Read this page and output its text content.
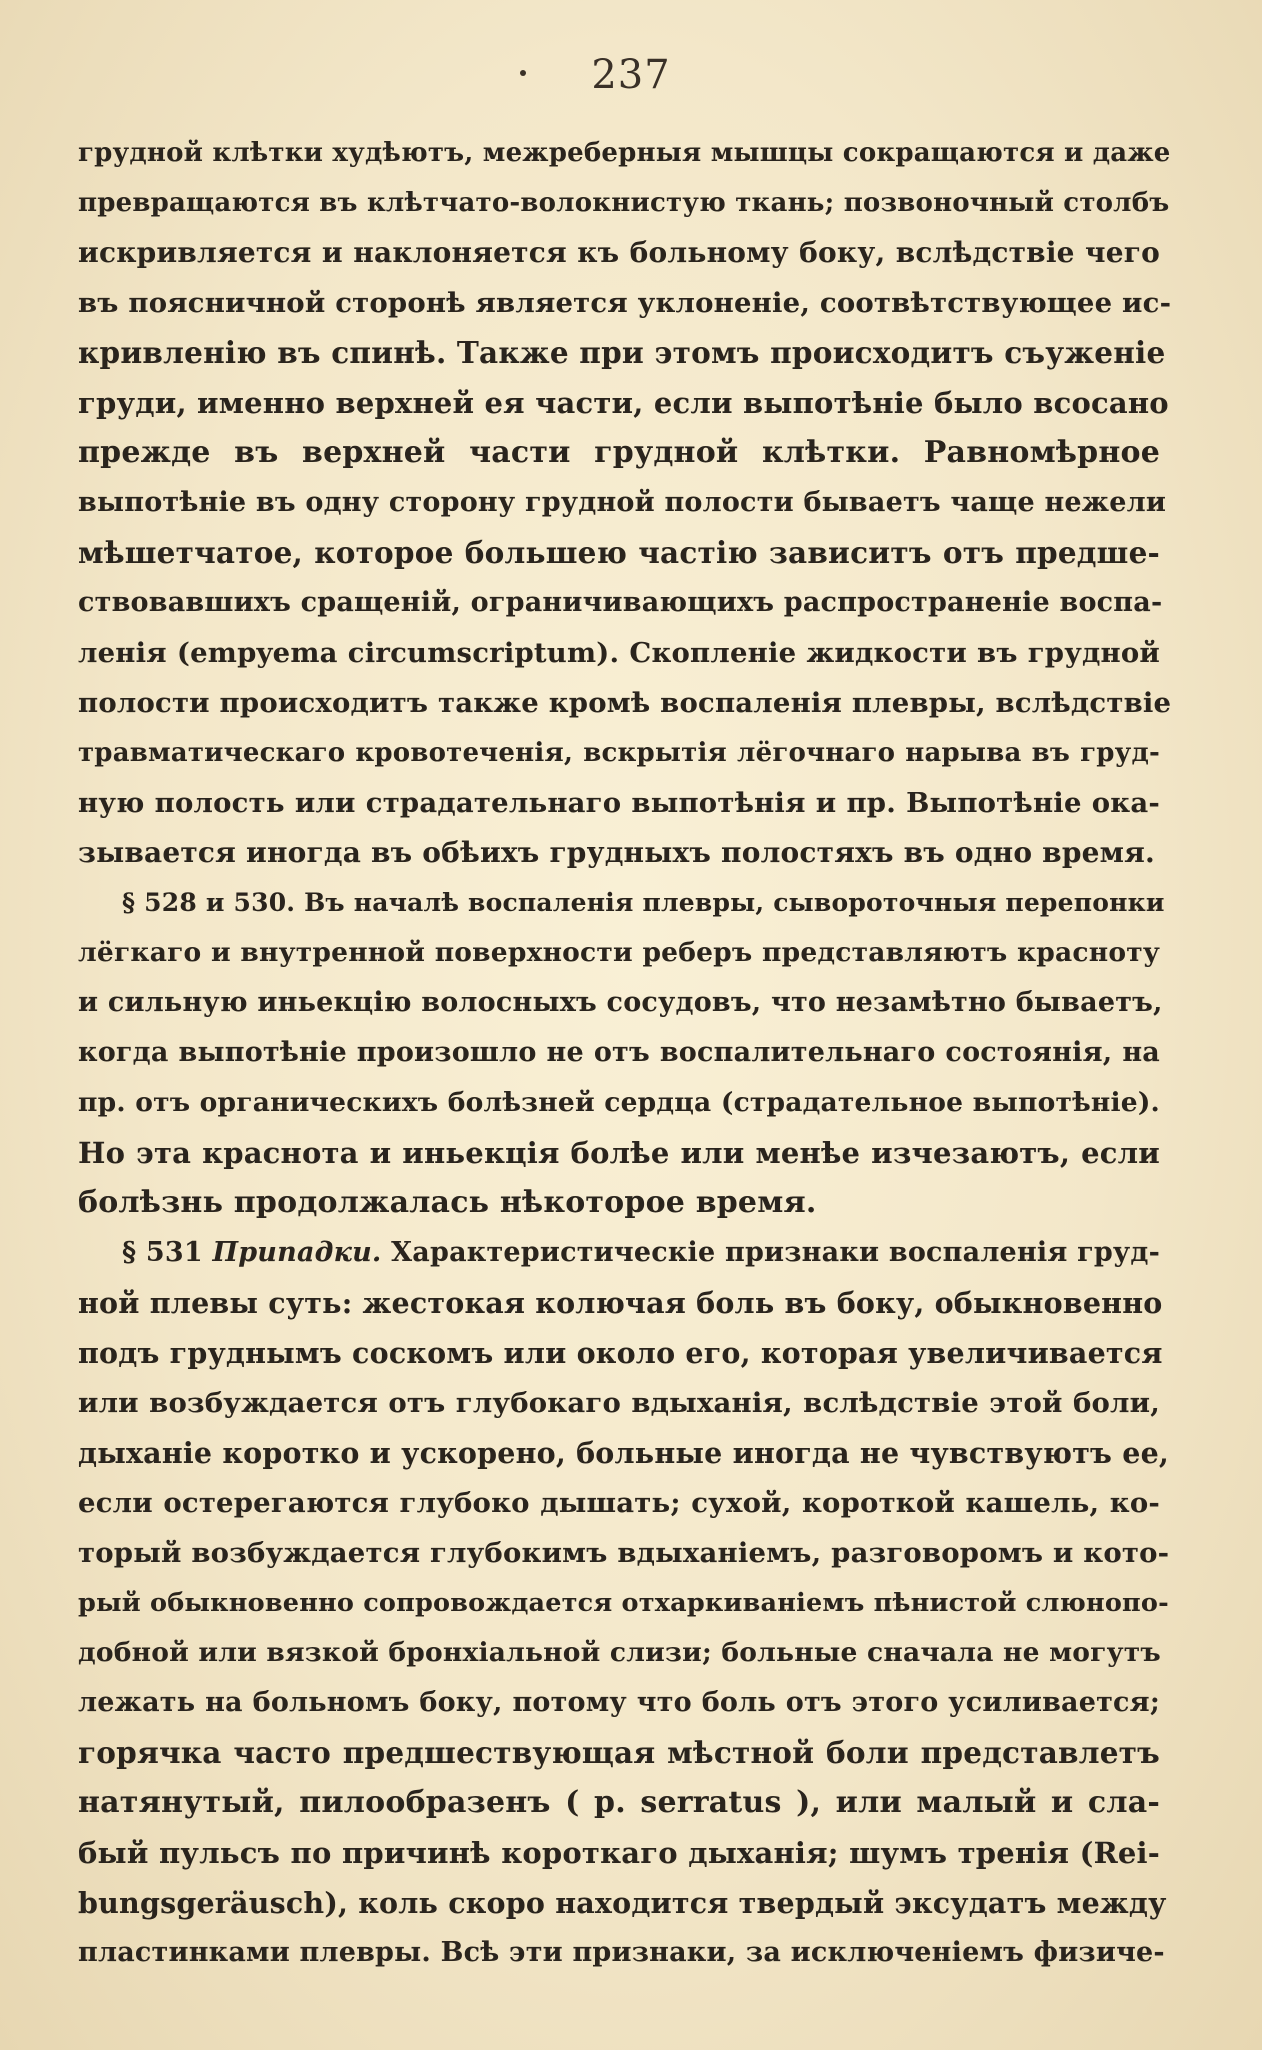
237
грудной клѣтки худѣютъ, межреберныя мышцы сокращаются и даже
превращаются въ клѣтчато-волокнистую ткань; позвоночный столбъ
искривляется и наклоняется къ больному боку, вслѣдствіе чего
въ поясничной сторонѣ является уклоненіе, соотвѣтствующее ис-
кривленію въ спинѣ. Также при этомъ происходитъ съуженіе
груди, именно верхней ея части, если выпотѣніе было всосано
прежде въ верхней части грудной клѣтки. Равномѣрное
выпотѣніе въ одну сторону грудной полости бываетъ чаще нежели
мѣшетчатое, которое большею частію зависитъ отъ предше-
ствовавшихъ сращеній, ограничивающихъ распространеніе воспа-
ленія (empyema circumscriptum). Скопленіе жидкости въ грудной
полости происходитъ также кромѣ воспаленія плевры, вслѣдствіе
травматическаго кровотеченія, вскрытія лёгочнаго нарыва въ груд-
ную полость или страдательнаго выпотѣнія и пр. Выпотѣніе ока-
зывается иногда въ обѣихъ грудныхъ полостяхъ въ одно время.
§ 528 и 530. Въ началѣ воспаленія плевры, сывороточныя перепонки
лёгкаго и внутренной поверхности реберъ представляютъ красноту
и сильную иньекцію волосныхъ сосудовъ, что незамѣтно бываетъ,
когда выпотѣніе произошло не отъ воспалительнаго состоянія, на
пр. отъ органическихъ болѣзней сердца (страдательное выпотѣніе).
Но эта краснота и иньекція болѣе или менѣе изчезаютъ, если
болѣзнь продолжалась нѣкоторое время.
§ 531 Припадки. Характеристическіе признаки воспаленія груд-
ной плевы суть: жестокая колючая боль въ боку, обыкновенно
подъ груднымъ соскомъ или около его, которая увеличивается
или возбуждается отъ глубокаго вдыханія, вслѣдствіе этой боли,
дыханіе коротко и ускорено, больные иногда не чувствуютъ ее,
если остерегаются глубоко дышать; сухой, короткой кашель, ко-
торый возбуждается глубокимъ вдыханіемъ, разговоромъ и кото-
рый обыкновенно сопровождается отхаркиваніемъ пѣнистой слюнопо-
добной или вязкой бронхіальной слизи; больные сначала не могутъ
лежать на больномъ боку, потому что боль отъ этого усиливается;
горячка часто предшествующая мѣстной боли представлетъ
натянутый, пилообразенъ ( p. serratus ), или малый и сла-
бый пульсъ по причинѣ короткаго дыханія; шумъ тренія (Rei-
bungsgeräusch), коль скоро находится твердый эксудатъ между
пластинками плевры. Всѣ эти признаки, за исключеніемъ физиче-
